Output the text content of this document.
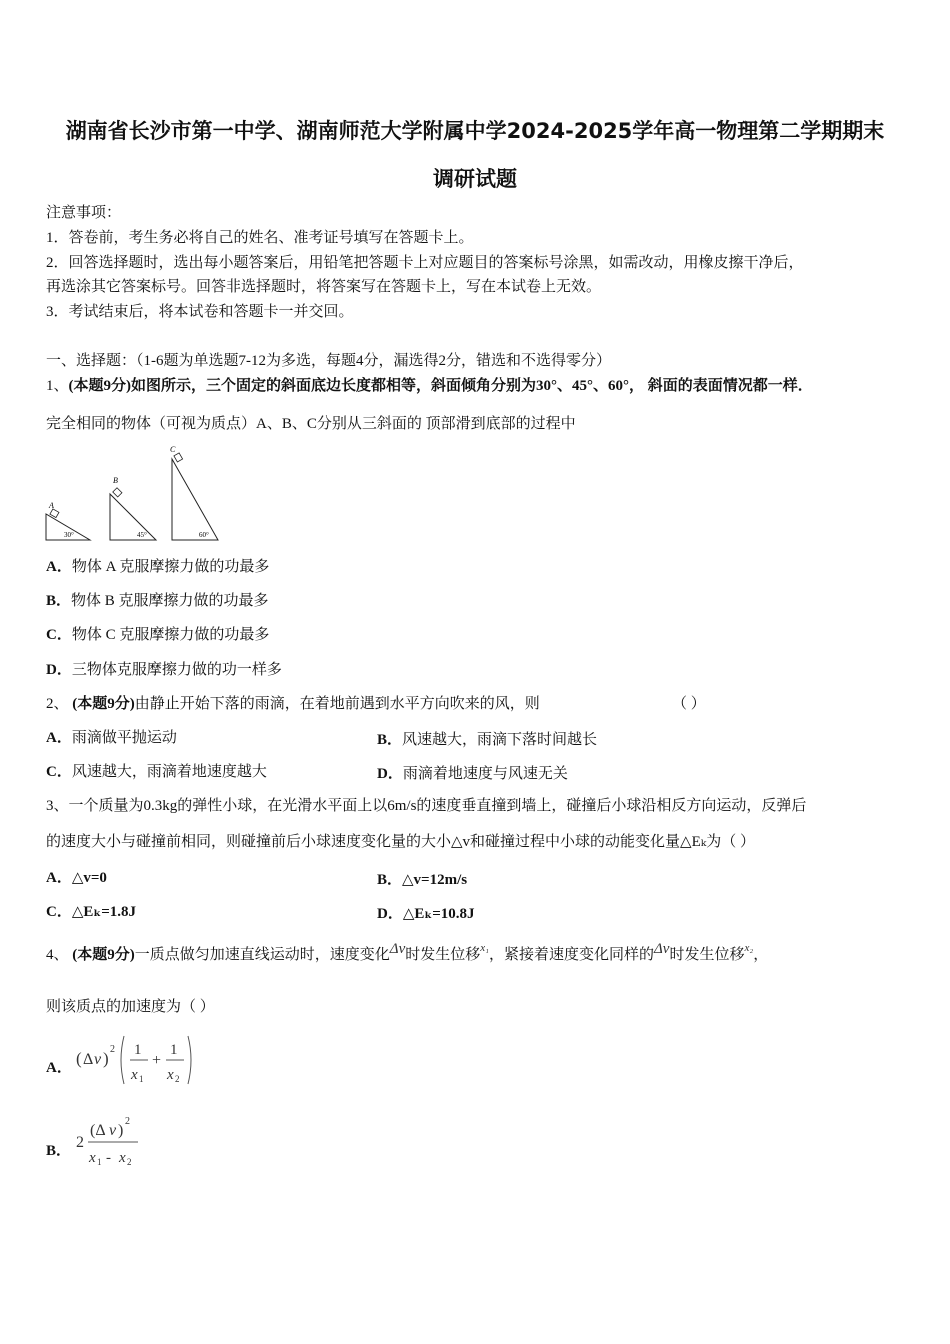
湖南省长沙市第一中学、湖南师范大学附属中学2024-2025学年高一物理第二学期期末
调研试题
注意事项：
1．答卷前，考生务必将自己的姓名、准考证号填写在答题卡上。
2．回答选择题时，选出每小题答案后，用铅笔把答题卡上对应题目的答案标号涂黑，如需改动，用橡皮擦干净后，
再选涂其它答案标号。回答非选择题时，将答案写在答题卡上，写在本试卷上无效。
3．考试结束后，将本试卷和答题卡一并交回。
一、选择题：（1-6题为单选题7-12为多选，每题4分，漏选得2分，错选和不选得零分）
1、(本题9分)如图所示，三个固定的斜面底边长度都相等，斜面倾角分别为30°、45°、60°， 斜面的表面情况都一样．
完全相同的物体（可视为质点）A、B、C分别从三斜面的 顶部滑到底部的过程中
A
30°
B
45°
C
60°
A．物体 A 克服摩擦力做的功最多
B．物体 B 克服摩擦力做的功最多
C．物体 C 克服摩擦力做的功最多
D．三物体克服摩擦力做的功一样多
2、 (本题9分)由静止开始下落的雨滴，在着地前遇到水平方向吹来的风，则	（ ）
A．雨滴做平抛运动	B．风速越大，雨滴下落时间越长
C．风速越大，雨滴着地速度越大	D．雨滴着地速度与风速无关
3、一个质量为0.3kg的弹性小球，在光滑水平面上以6m/s的速度垂直撞到墙上，碰撞后小球沿相反方向运动，反弹后
的速度大小与碰撞前相同，则碰撞前后小球速度变化量的大小△v和碰撞过程中小球的动能变化量△Eₖ为（ ）
A．△v=0	B．△v=12m/s
C．△Eₖ=1.8J	D．△Eₖ=10.8J
4、 (本题9分)一质点做匀加速直线运动时，速度变化Δv时发生位移$^{x_1}$，紧接着速度变化同样的Δv时发生位移$^{x_2}$，
则该质点的加速度为（ ）
A． ( Δ v ) 2 1
x 1
+
1
x 2
B． 2
(Δ v )
2
x 1 - x 2
